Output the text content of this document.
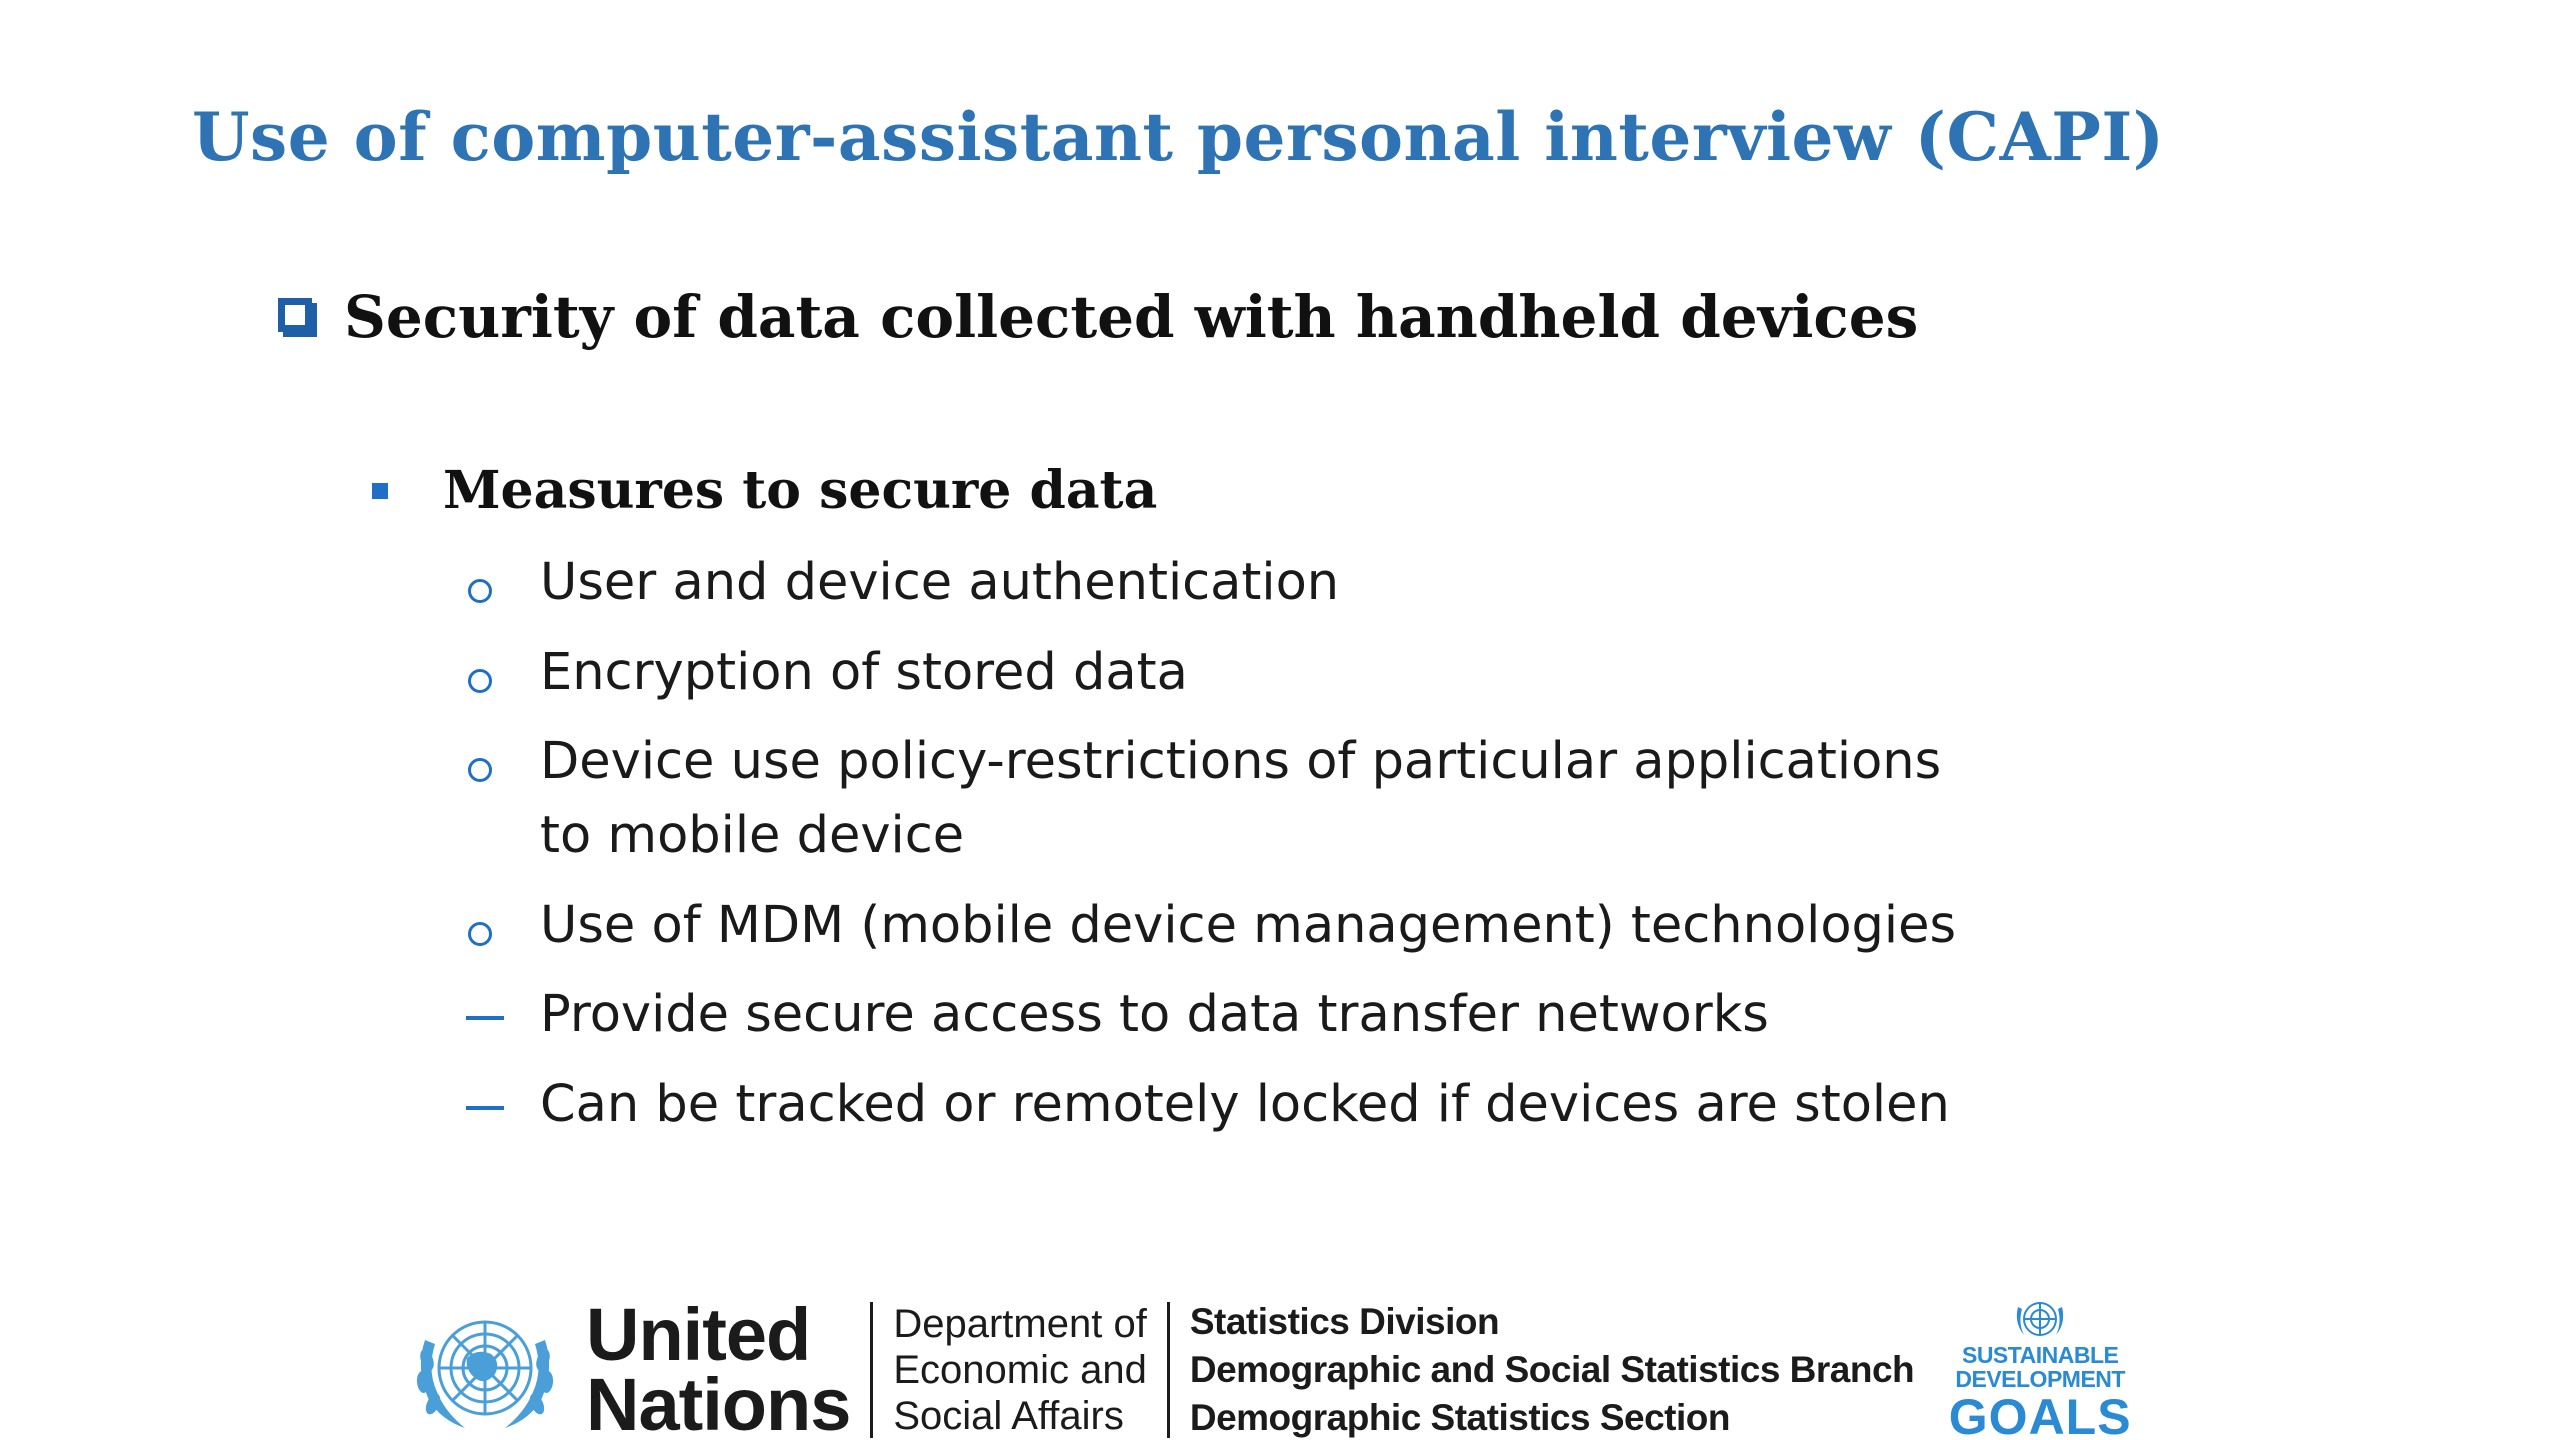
Use of computer-assistant personal interview (CAPI)
Security of data collected with handheld devices
Measures to secure data
User and device authentication
Encryption of stored data
Device use policy-restrictions of particular applications to mobile device
Use of MDM (mobile device management) technologies
Provide secure access to data transfer networks
Can be tracked or remotely locked if devices are stolen
United
Nations
Department of
Economic and
Social Affairs
Statistics Division
Demographic and Social Statistics Branch
Demographic Statistics Section
SUSTAINABLE
DEVELOPMENT
GOALS
